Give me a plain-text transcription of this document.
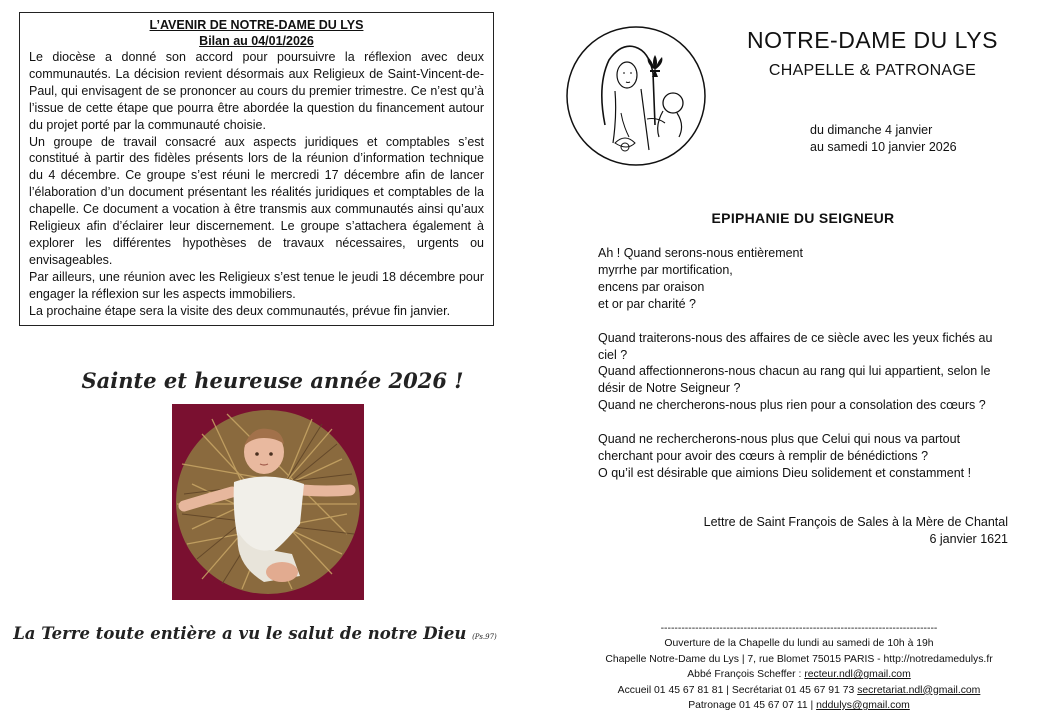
L’AVENIR DE NOTRE-DAME DU LYS
Bilan au 04/01/2026

Le diocèse a donné son accord pour poursuivre la réflexion avec deux communautés. La décision revient désormais aux Religieux de Saint-Vincent-de-Paul, qui envisagent de se prononcer au cours du premier trimestre. Ce n’est qu’à l’issue de cette étape que pourra être abordée la question du financement autour du projet porté par la communauté choisie.

Un groupe de travail consacré aux aspects juridiques et comptables s’est constitué à partir des fidèles présents lors de la réunion d’information technique du 4 décembre. Ce groupe s’est réuni le mercredi 17 décembre afin de lancer l’élaboration d’un document présentant les réalités juridiques et comptables de la chapelle. Ce document a vocation à être transmis aux communautés ainsi qu’aux Religieux afin d’éclairer leur discernement. Le groupe s’attachera également à explorer les différentes hypothèses de travaux nécessaires, urgents ou envisageables.

Par ailleurs, une réunion avec les Religieux s’est tenue le jeudi 18 décembre pour engager la réflexion sur les aspects immobiliers.

La prochaine étape sera la visite des deux communautés, prévue fin janvier.

Sainte et heureuse année 2026 !
La Terre toute entière a vu le salut de notre Dieu (Ps.97)
NOTRE-DAME DU LYS
CHAPELLE & PATRONAGE
du dimanche 4 janvier
au samedi 10 janvier 2026
EPIPHANIE DU SEIGNEUR

Ah ! Quand serons-nous entièrement

myrrhe par mortification,

encens par oraison

et or par charité ?

Quand traiterons-nous des affaires de ce siècle avec les yeux fichés au ciel ?

Quand affectionnerons-nous chacun au rang qui lui appartient, selon le désir de Notre Seigneur ?

Quand ne chercherons-nous plus rien pour a consolation des cœurs ?

Quand ne rechercherons-nous plus que Celui qui nous va partout cherchant pour avoir des cœurs à remplir de bénédictions ?

O qu’il est désirable que aimions Dieu solidement et constamment !

Lettre de Saint François de Sales à la Mère de Chantal
6 janvier 1621
--------------------------------------------------------------------------------
Ouverture de la Chapelle du lundi au samedi de 10h à 19h
Chapelle Notre-Dame du Lys | 7, rue Blomet 75015 PARIS - http://notredamedulys.fr
Abbé François Scheffer : recteur.ndl@gmail.com
Accueil 01 45 67 81 81 | Secrétariat 01 45 67 91 73 secretariat.ndl@gmail.com
Patronage 01 45 67 07 11 | nddulys@gmail.com
